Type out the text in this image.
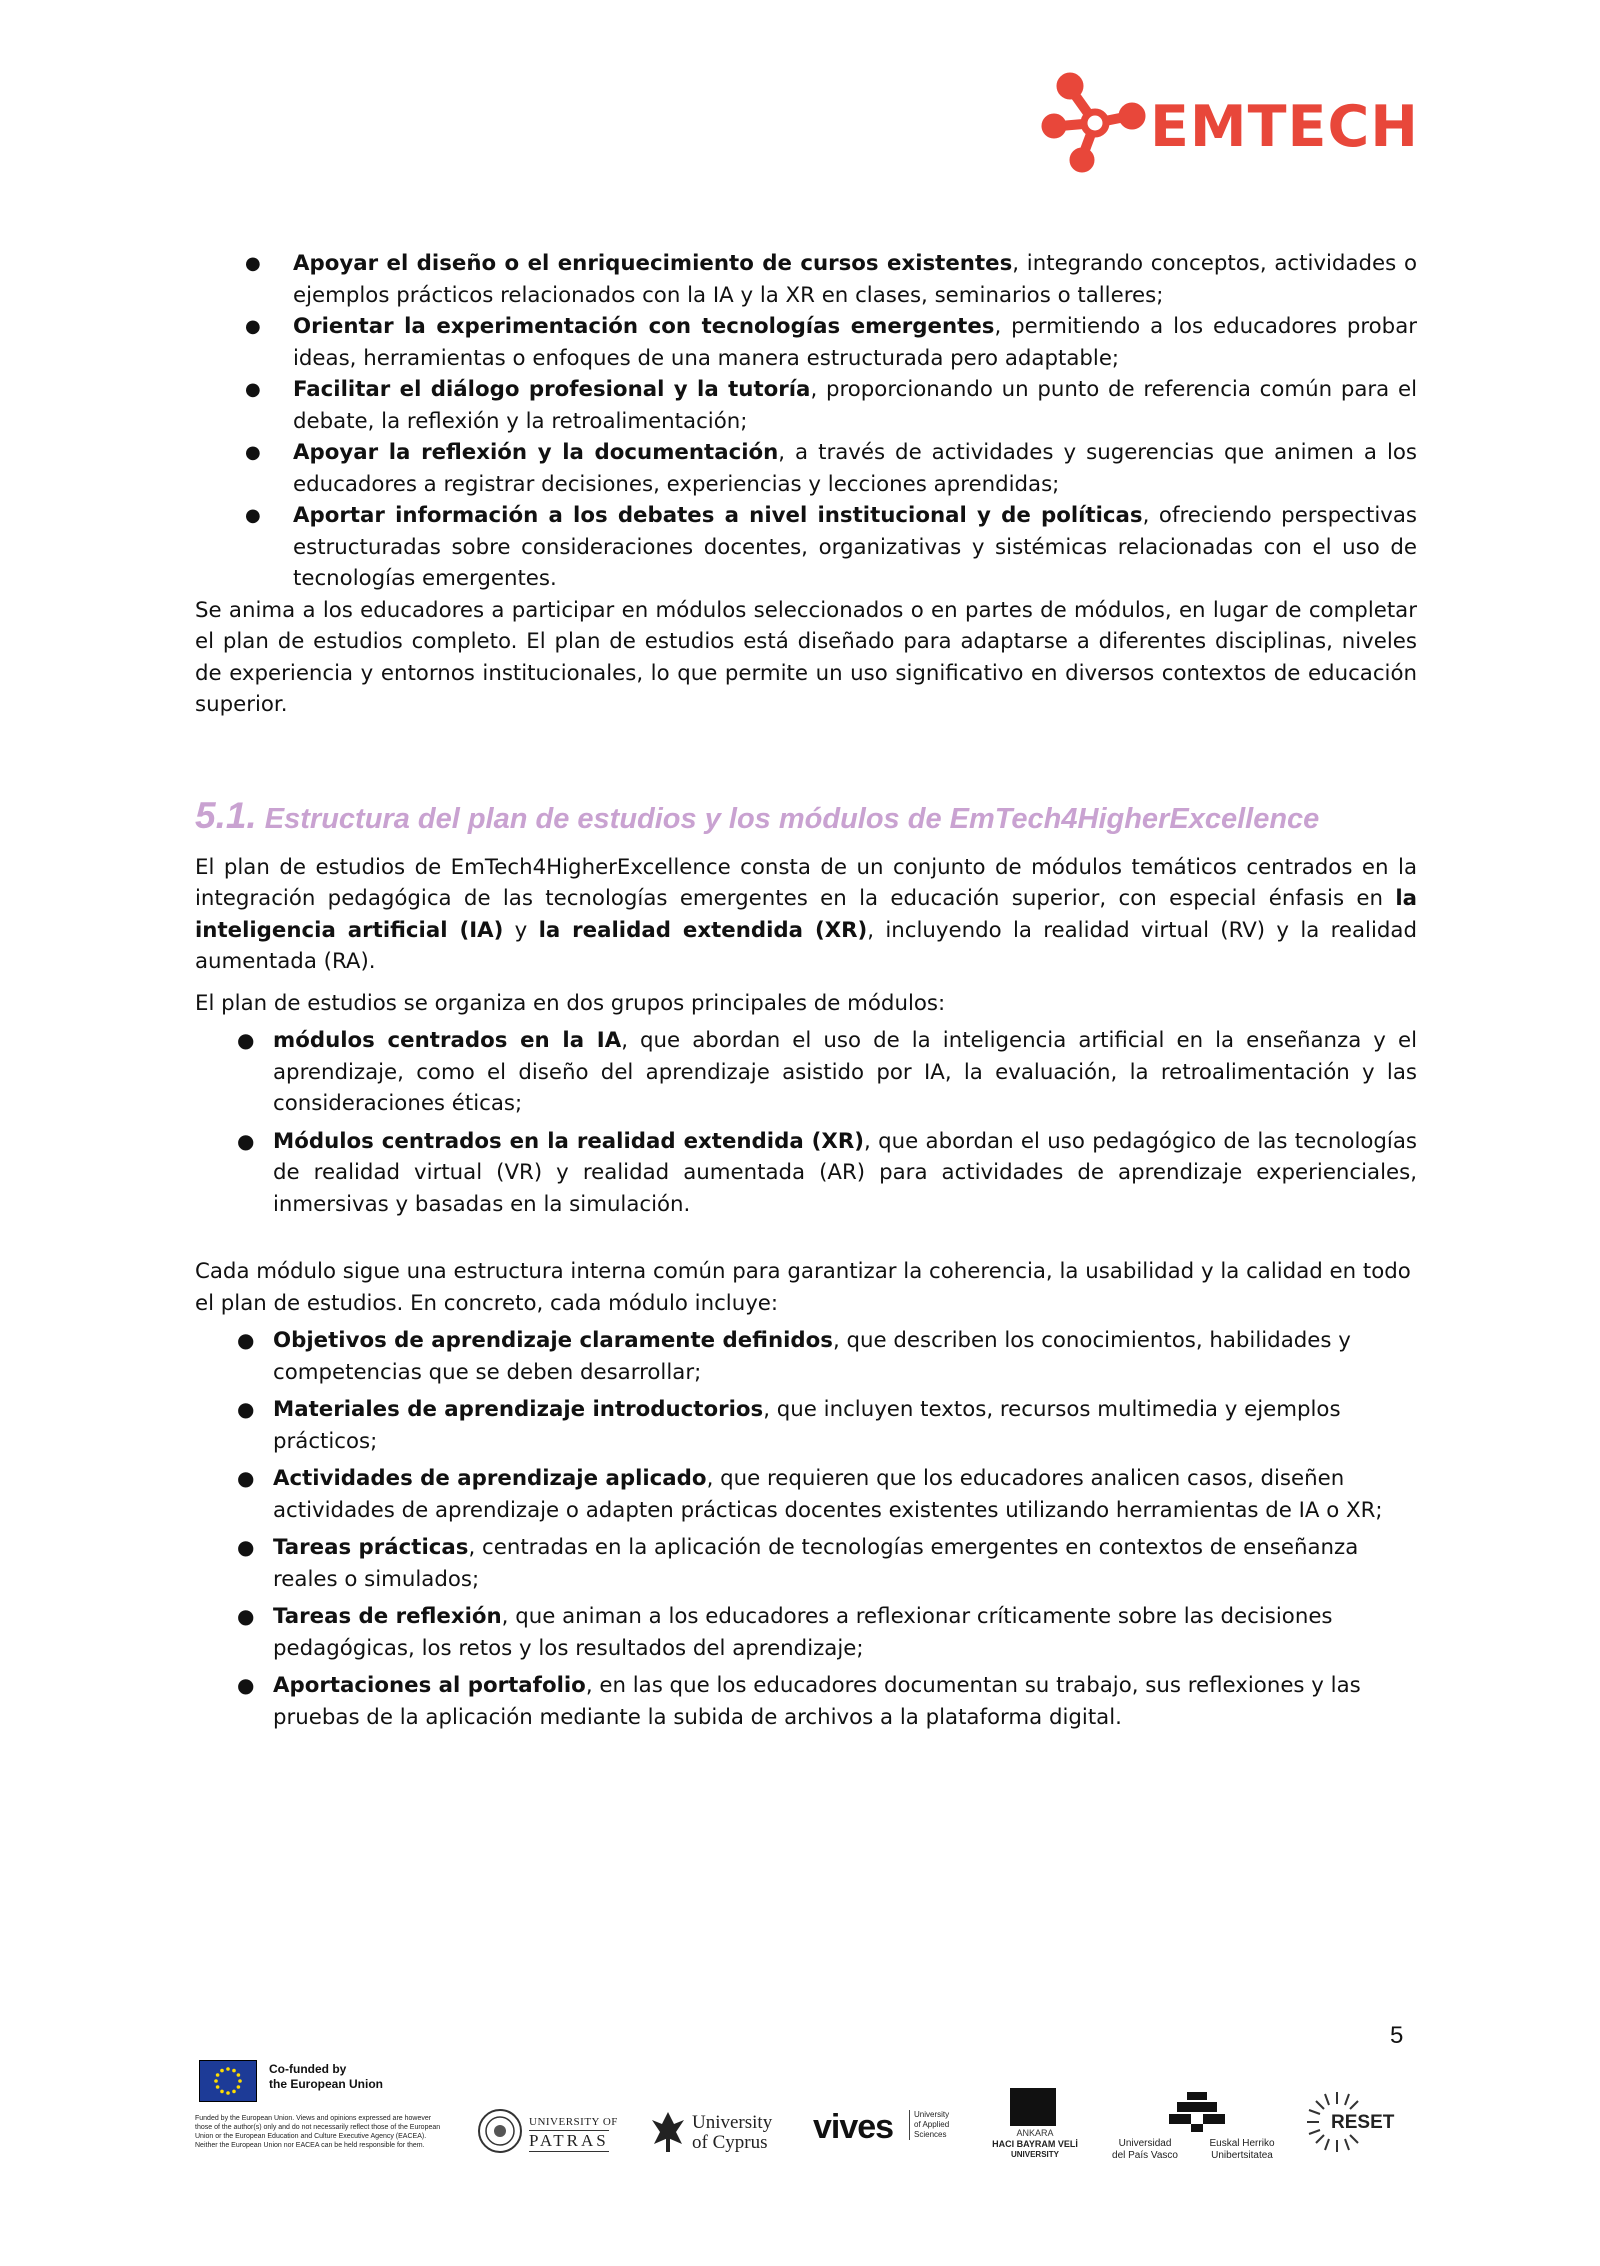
EMTECH
● Apoyar el diseño o el enriquecimiento de cursos existentes, integrando conceptos, actividades o ejemplos prácticos relacionados con la IA y la XR en clases, seminarios o talleres;
● Orientar la experimentación con tecnologías emergentes, permitiendo a los educadores probar ideas, herramientas o enfoques de una manera estructurada pero adaptable;
● Facilitar el diálogo profesional y la tutoría, proporcionando un punto de referencia común para el debate, la reflexión y la retroalimentación;
● Apoyar la reflexión y la documentación, a través de actividades y sugerencias que animen a los educadores a registrar decisiones, experiencias y lecciones aprendidas;
● Aportar información a los debates a nivel institucional y de políticas, ofreciendo perspectivas estructuradas sobre consideraciones docentes, organizativas y sistémicas relacionadas con el uso de tecnologías emergentes.

Se anima a los educadores a participar en módulos seleccionados o en partes de módulos, en lugar de completar el plan de estudios completo. El plan de estudios está diseñado para adaptarse a diferentes disciplinas, niveles de experiencia y entornos institucionales, lo que permite un uso significativo en diversos contextos de educación superior.

5.1. Estructura del plan de estudios y los módulos de EmTech4HigherExcellence

El plan de estudios de EmTech4HigherExcellence consta de un conjunto de módulos temáticos centrados en la integración pedagógica de las tecnologías emergentes en la educación superior, con especial énfasis en la inteligencia artificial (IA) y la realidad extendida (XR), incluyendo la realidad virtual (RV) y la realidad aumentada (RA).

El plan de estudios se organiza en dos grupos principales de módulos:

● módulos centrados en la IA, que abordan el uso de la inteligencia artificial en la enseñanza y el aprendizaje, como el diseño del aprendizaje asistido por IA, la evaluación, la retroalimentación y las consideraciones éticas;
● Módulos centrados en la realidad extendida (XR), que abordan el uso pedagógico de las tecnologías de realidad virtual (VR) y realidad aumentada (AR) para actividades de aprendizaje experienciales, inmersivas y basadas en la simulación.

Cada módulo sigue una estructura interna común para garantizar la coherencia, la usabilidad y la calidad en todo el plan de estudios. En concreto, cada módulo incluye:

● Objetivos de aprendizaje claramente definidos, que describen los conocimientos, habilidades y competencias que se deben desarrollar;
● Materiales de aprendizaje introductorios, que incluyen textos, recursos multimedia y ejemplos prácticos;
● Actividades de aprendizaje aplicado, que requieren que los educadores analicen casos, diseñen actividades de aprendizaje o adapten prácticas docentes existentes utilizando herramientas de IA o XR;
● Tareas prácticas, centradas en la aplicación de tecnologías emergentes en contextos de enseñanza reales o simulados;
● Tareas de reflexión, que animan a los educadores a reflexionar críticamente sobre las decisiones pedagógicas, los retos y los resultados del aprendizaje;
● Aportaciones al portafolio, en las que los educadores documentan su trabajo, sus reflexiones y las pruebas de la aplicación mediante la subida de archivos a la plataforma digital.
5
Co-funded by
the European Union
Funded by the European Union. Views and opinions expressed are however those of the author(s) only and do not necessarily reflect those of the European Union or the European Education and Culture Executive Agency (EACEA). Neither the European Union nor EACEA can be held responsible for them.
UNIVERSITY OF
PATRAS
University
of Cyprus vives	University
of Applied
Sciences	ANKARA
HACI BAYRAM VELİ
UNIVERSITY
Universidad
del País Vasco
Euskal Herriko
Unibertsitatea
RESET
